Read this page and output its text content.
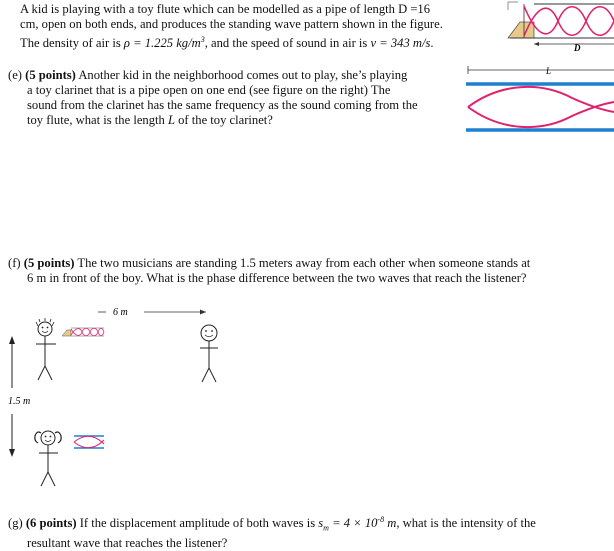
A kid is playing with a toy flute which can be modelled as a pipe of length D =16

cm, open on both ends, and produces the standing wave pattern shown in the figure.

The density of air is ρ = 1.225 $kg/m^3$, and the speed of sound in air is v = 343 m/s.	D

(e) (5 points) Another kid in the neighborhood comes out to play, she’s playing

a toy clarinet that is a pipe open on one end (see figure on the right) The

sound from the clarinet has the same frequency as the sound coming from the

toy flute, what is the length L of the toy clarinet?

L

(f) (5 points) The two musicians are standing 1.5 meters away from each other when someone stands at

6 m in front of the boy. What is the phase difference between the two waves that reach the listener?

6 m
1.5 m

(g) (6 points) If the displacement amplitude of both waves is $s_m = 4 \times 10^{-8}$ m, what is the intensity of the

resultant wave that reaches the listener?
